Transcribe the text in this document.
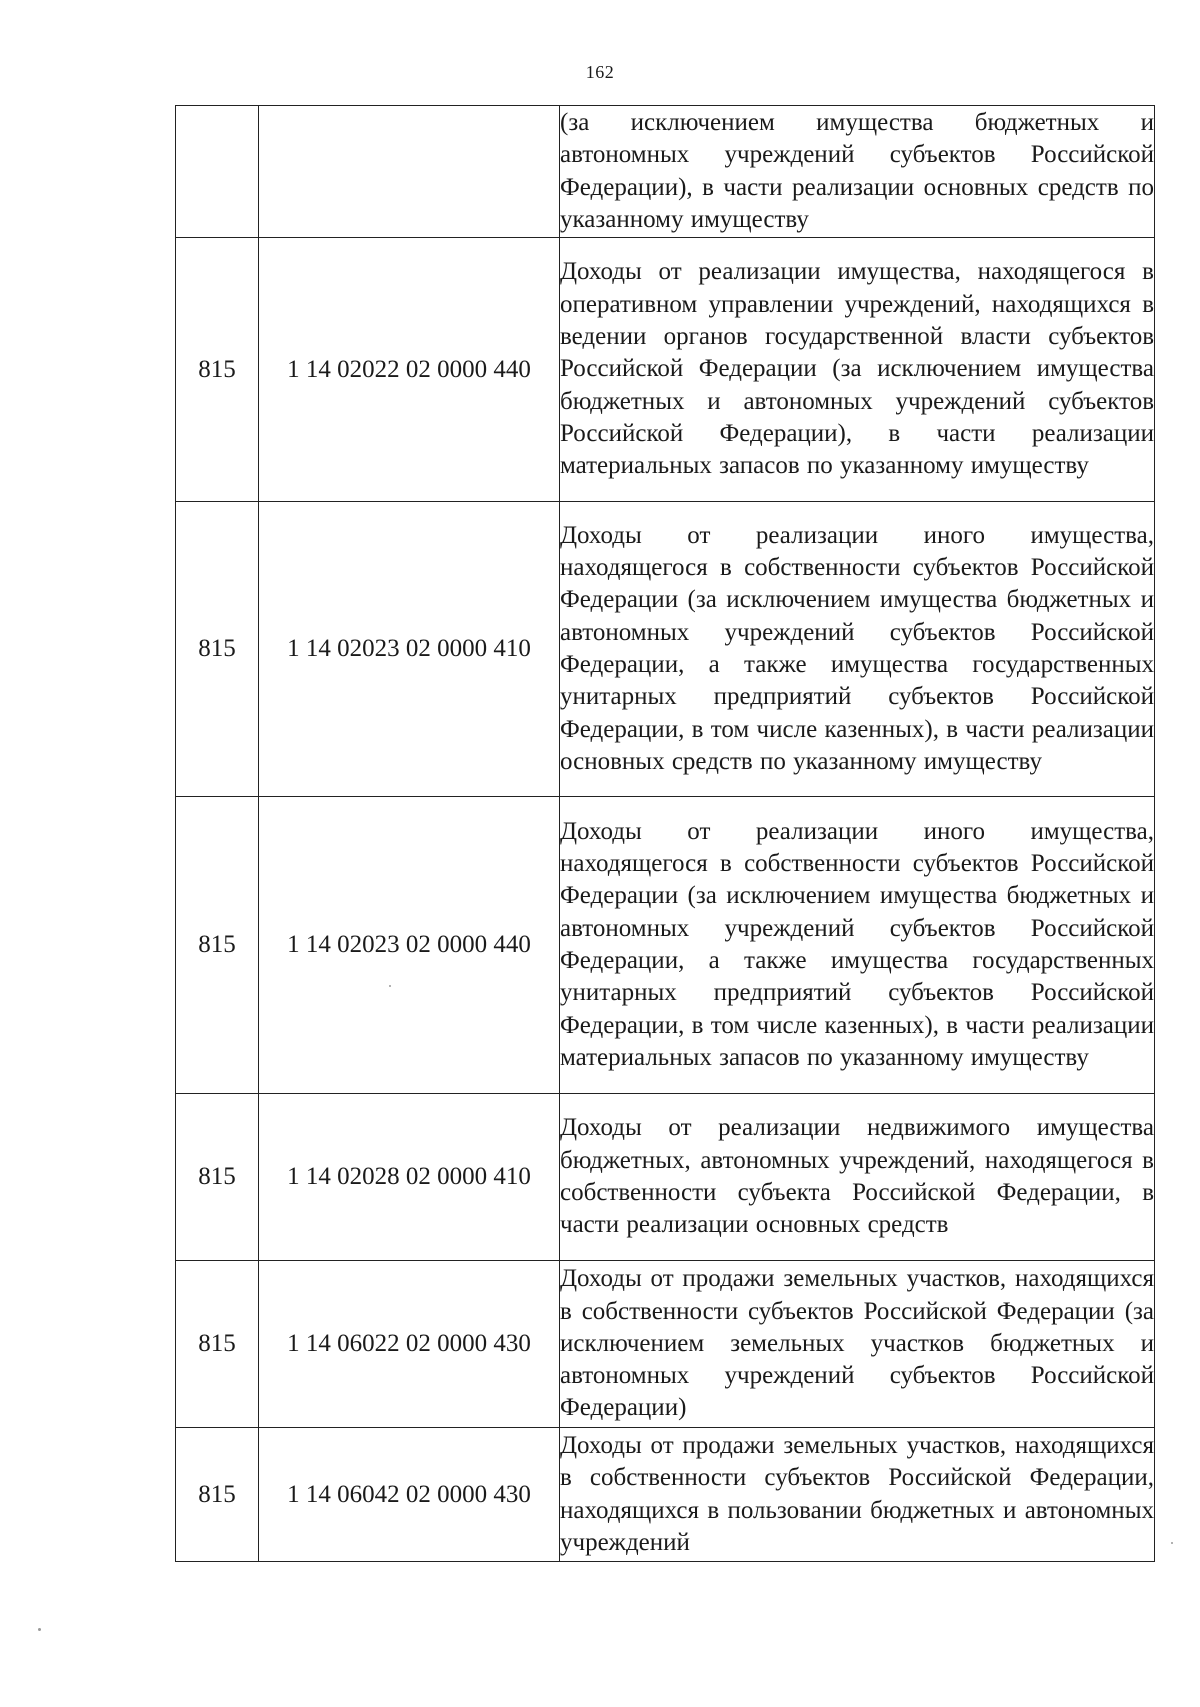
162
		(за исключением имущества бюджетных и автономных учреждений субъектов Российской Федерации), в части реализации основных средств по указанному имуществу
815	1 14 02022 02 0000 440	Доходы от реализации имущества, находящегося в оперативном управлении учреждений, находящихся в ведении органов государственной власти субъектов Российской Федерации (за исключением имущества бюджетных и автономных учреждений субъектов Российской Федерации), в части реализации материальных запасов по указанному имуществу
815	1 14 02023 02 0000 410	Доходы от реализации иного имущества, находящегося в собственности субъектов Российской Федерации (за исключением имущества бюджетных и автономных учреждений субъектов Российской Федерации, а также имущества государственных унитарных предприятий субъектов Российской Федерации, в том числе казенных), в части реализации основных средств по указанному имуществу
815	1 14 02023 02 0000 440	Доходы от реализации иного имущества, находящегося в собственности субъектов Российской Федерации (за исключением имущества бюджетных и автономных учреждений субъектов Российской Федерации, а также имущества государственных унитарных предприятий субъектов Российской Федерации, в том числе казенных), в части реализации материальных запасов по указанному имуществу
815	1 14 02028 02 0000 410	Доходы от реализации недвижимого имущества бюджетных, автономных учреждений, находящегося в собственности субъекта Российской Федерации, в части реализации основных средств
815	1 14 06022 02 0000 430	Доходы от продажи земельных участков, находящихся в собственности субъектов Российской Федерации (за исключением земельных участков бюджетных и автономных учреждений субъектов Российской Федерации)
815	1 14 06042 02 0000 430	Доходы от продажи земельных участков, находящихся в собственности субъектов Российской Федерации, находящихся в пользовании бюджетных и автономных учреждений
